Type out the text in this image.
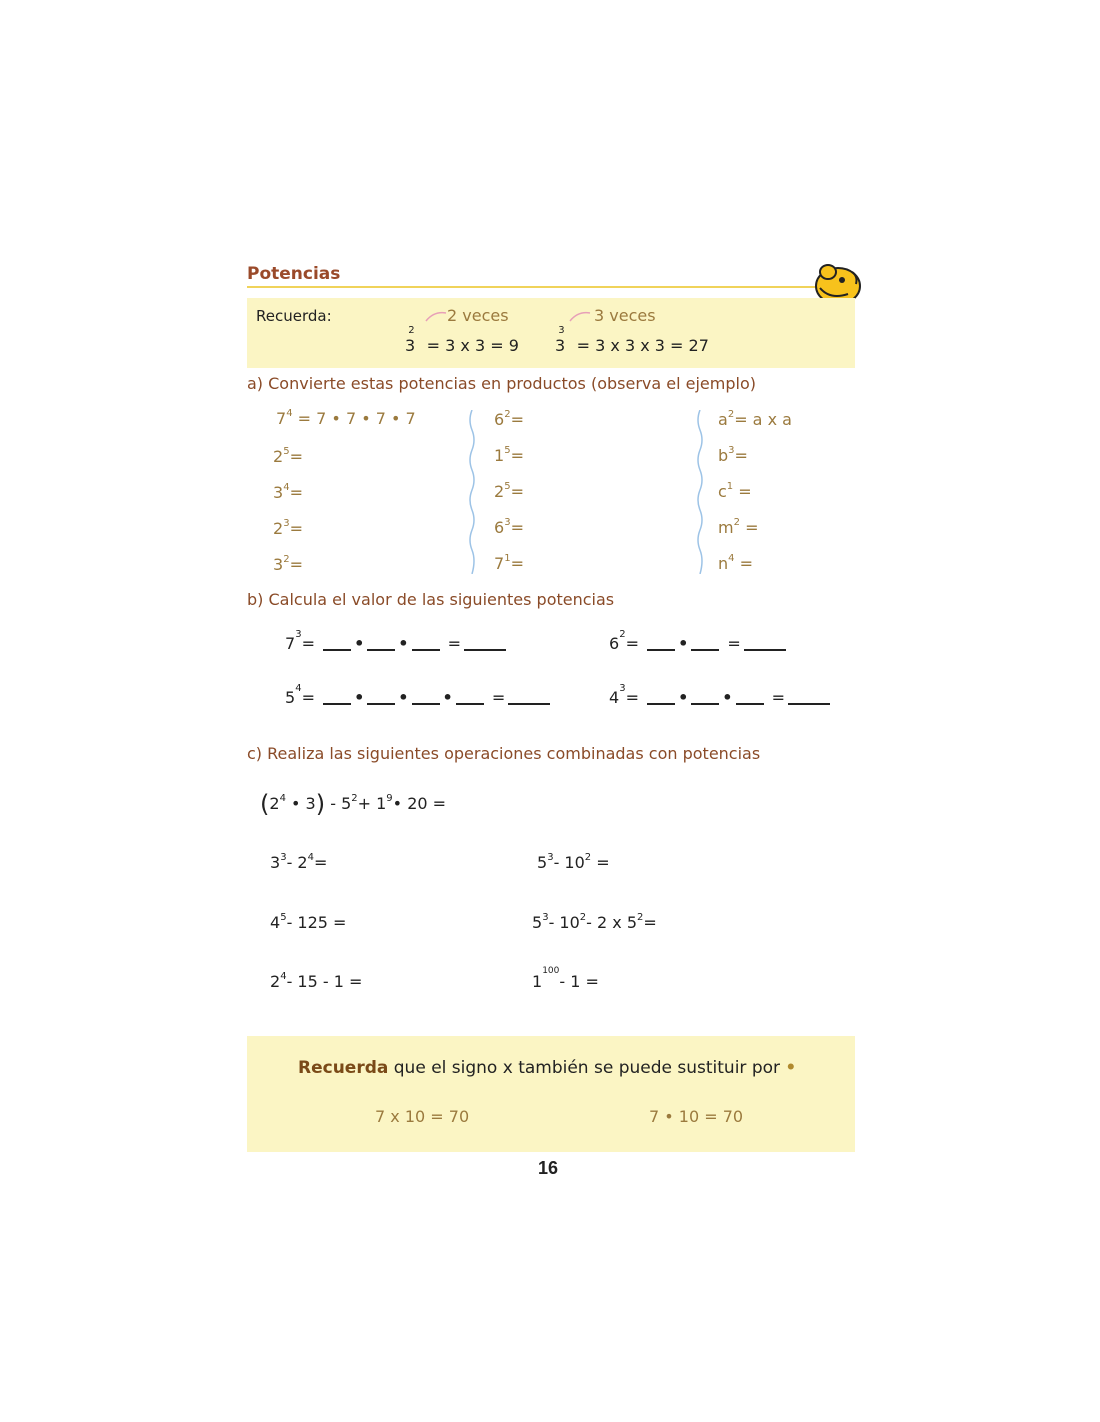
Potencias
Recuerda:	2 veces
$3^2 = 3$ x 3 = 9
3 veces
$3^3 = 3$ x 3 x 3 = 27
a) Convierte estas potencias en productos (observa el ejemplo)
$7^4 = 7$ • 7 • 7 • 7
$2^5=$
$3^4=$
$2^3=$
$3^2=$
$6^2=$
$1^5=$
$2^5=$
$6^3=$
$7^1=$
$a^2= a$ x a
$b^3=$
$c^1$ =
$m^2$ =
$n^4$ =
b) Calcula el valor de las siguientes potencias
$7^3=$ • • =	$6^2=$ • =
$5^4=$ • • • =	$4^3=$ • • =
c) Realiza las siguientes operaciones combinadas con potencias
($2^4$ • $3) - 5^2+$ $1^9•$ 20 =
$3^3-$ $2^4=$	$5^3-$ $10^2$ =
$4^5-$ 125 =	$5^3-$ $10^2-$ 2 x $5^2=$
$2^4-$ 15 - 1 =	$1^{100}-$ 1 =
Recuerda que el signo x también se puede sustituir por •
7 x 10 = 70	7 • 10 = 70
16
